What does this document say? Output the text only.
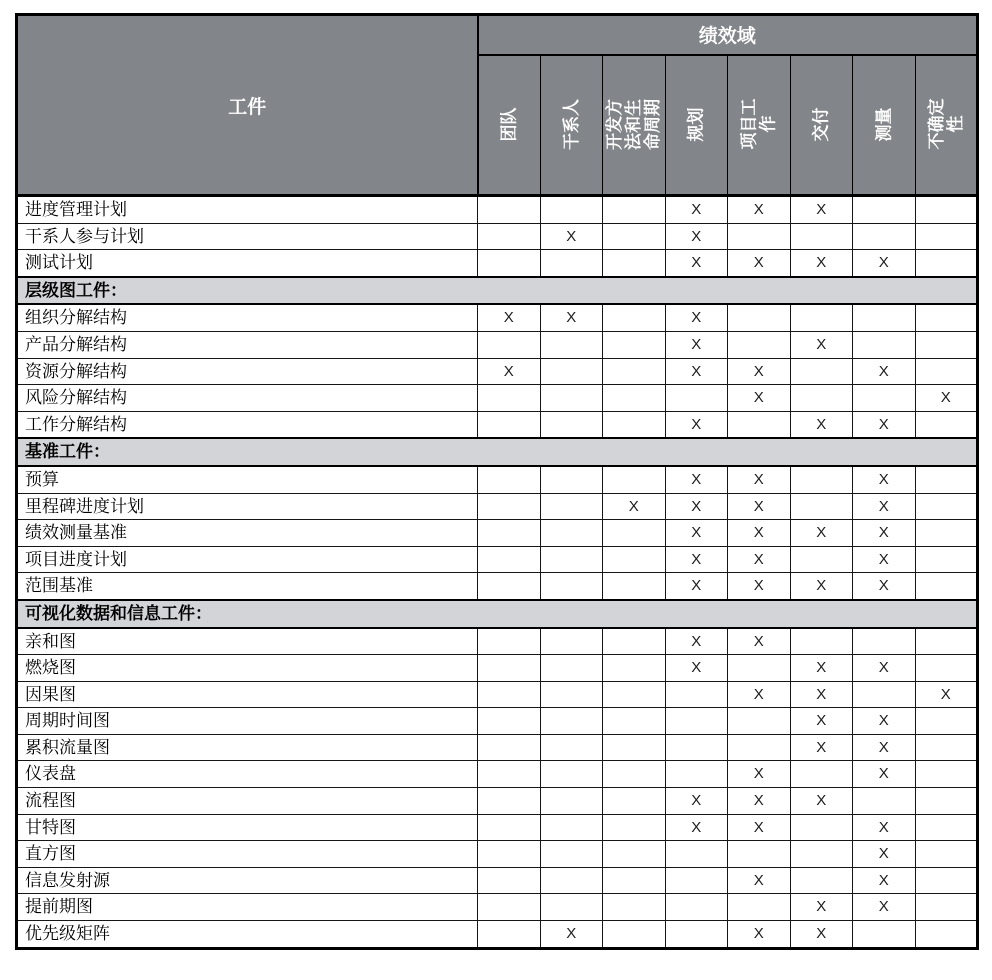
工件	绩效域							
	团队	干系人	开发方法和生命周期	规划	项目工作	交付	测量	不确定性
进度管理计划				X	X	X		
干系人参与计划		X		X				
测试计划				X	X	X	X	
层级图工件：								
组织分解结构	X	X		X				
产品分解结构				X		X		
资源分解结构	X			X	X		X	
风险分解结构					X			X
工作分解结构				X		X	X	
基准工件：								
预算				X	X		X	
里程碑进度计划			X	X	X		X	
绩效测量基准				X	X	X	X	
项目进度计划				X	X		X	
范围基准				X	X	X	X	
可视化数据和信息工件：								
亲和图				X	X			
燃烧图				X		X	X	
因果图					X	X		X
周期时间图						X	X	
累积流量图						X	X	
仪表盘					X		X	
流程图				X	X	X		
甘特图				X	X		X	
直方图							X	
信息发射源					X		X	
提前期图						X	X	
优先级矩阵		X			X	X		
